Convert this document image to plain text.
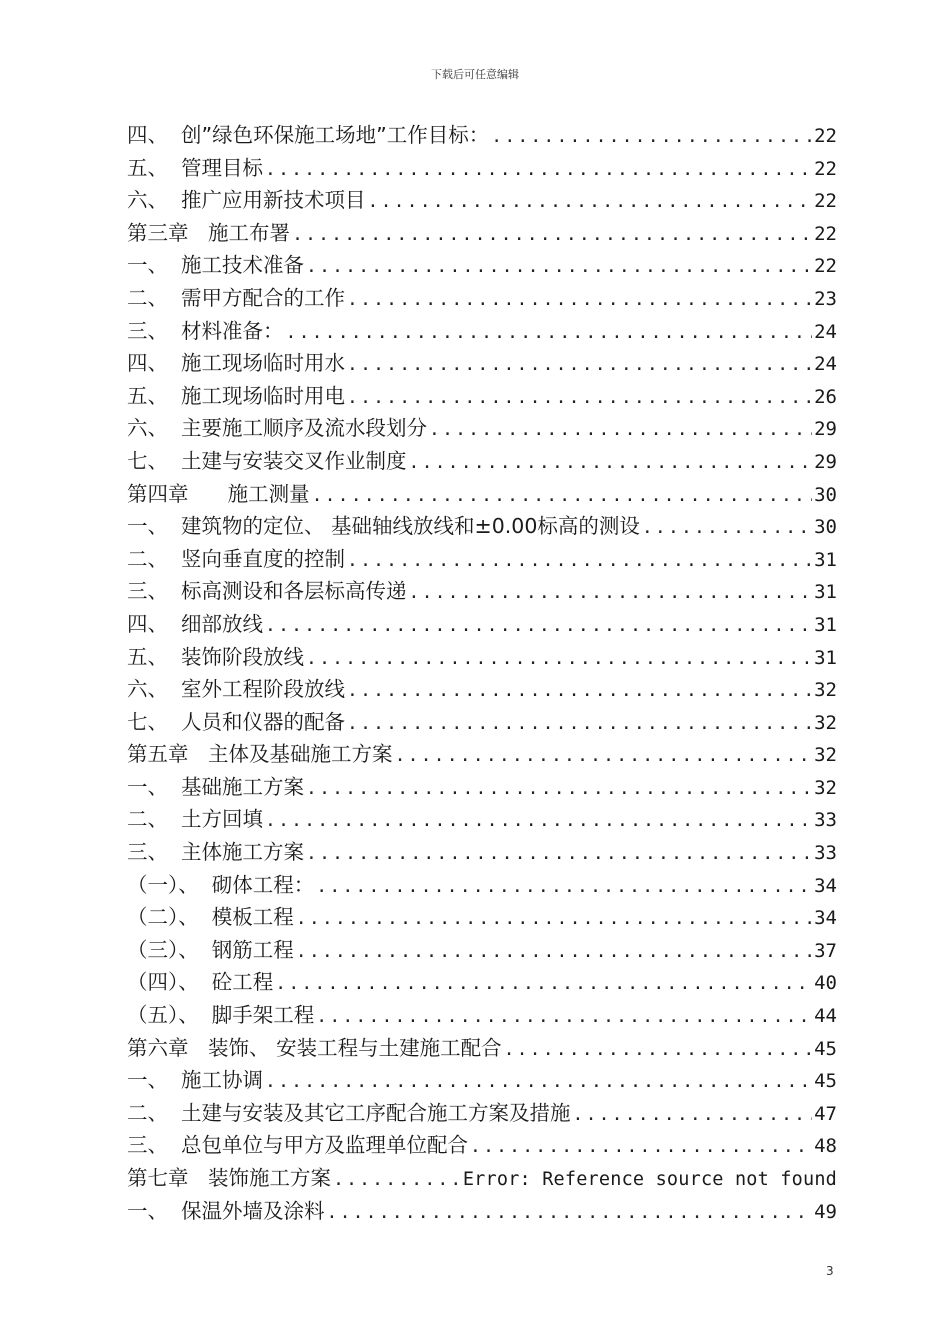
下载后可任意编辑
四、  创”绿色环保施工场地”工作目标： .....	22
五、  管理目标 .....	22
六、  推广应用新技术项目 .....	22
第三章   施工布署 .....	22
一、  施工技术准备 .....	22
二、  需甲方配合的工作 .....	23
三、  材料准备： .....	24
四、  施工现场临时用水 .....	24
五、  施工现场临时用电 .....	26
六、  主要施工顺序及流水段划分 .....	29
七、  土建与安装交叉作业制度 .....	29
第四章      施工测量 .....	30
一、  建筑物的定位、 基础轴线放线和±0.00标高的测设 .....	30
二、  竖向垂直度的控制 .....	31
三、  标高测设和各层标高传递 .....	31
四、  细部放线 .....	31
五、  装饰阶段放线 .....	31
六、  室外工程阶段放线 .....	32
七、  人员和仪器的配备 .....	32
第五章   主体及基础施工方案 .....	32
一、  基础施工方案 .....	32
二、  土方回填 .....	33
三、  主体施工方案 .....	33
（一）、  砌体工程： .....	34
（二）、  模板工程 .....	34
（三）、  钢筋工程 .....	37
（四）、  砼工程 .....	40
（五）、  脚手架工程 .....	44
第六章   装饰、 安装工程与土建施工配合 .....	45
一、  施工协调 .....	45
二、  土建与安装及其它工序配合施工方案及措施 .....	47
三、  总包单位与甲方及监理单位配合 .....	48
第七章   装饰施工方案 .....	Error: Reference source not found
一、  保温外墙及涂料 .....	49
3
